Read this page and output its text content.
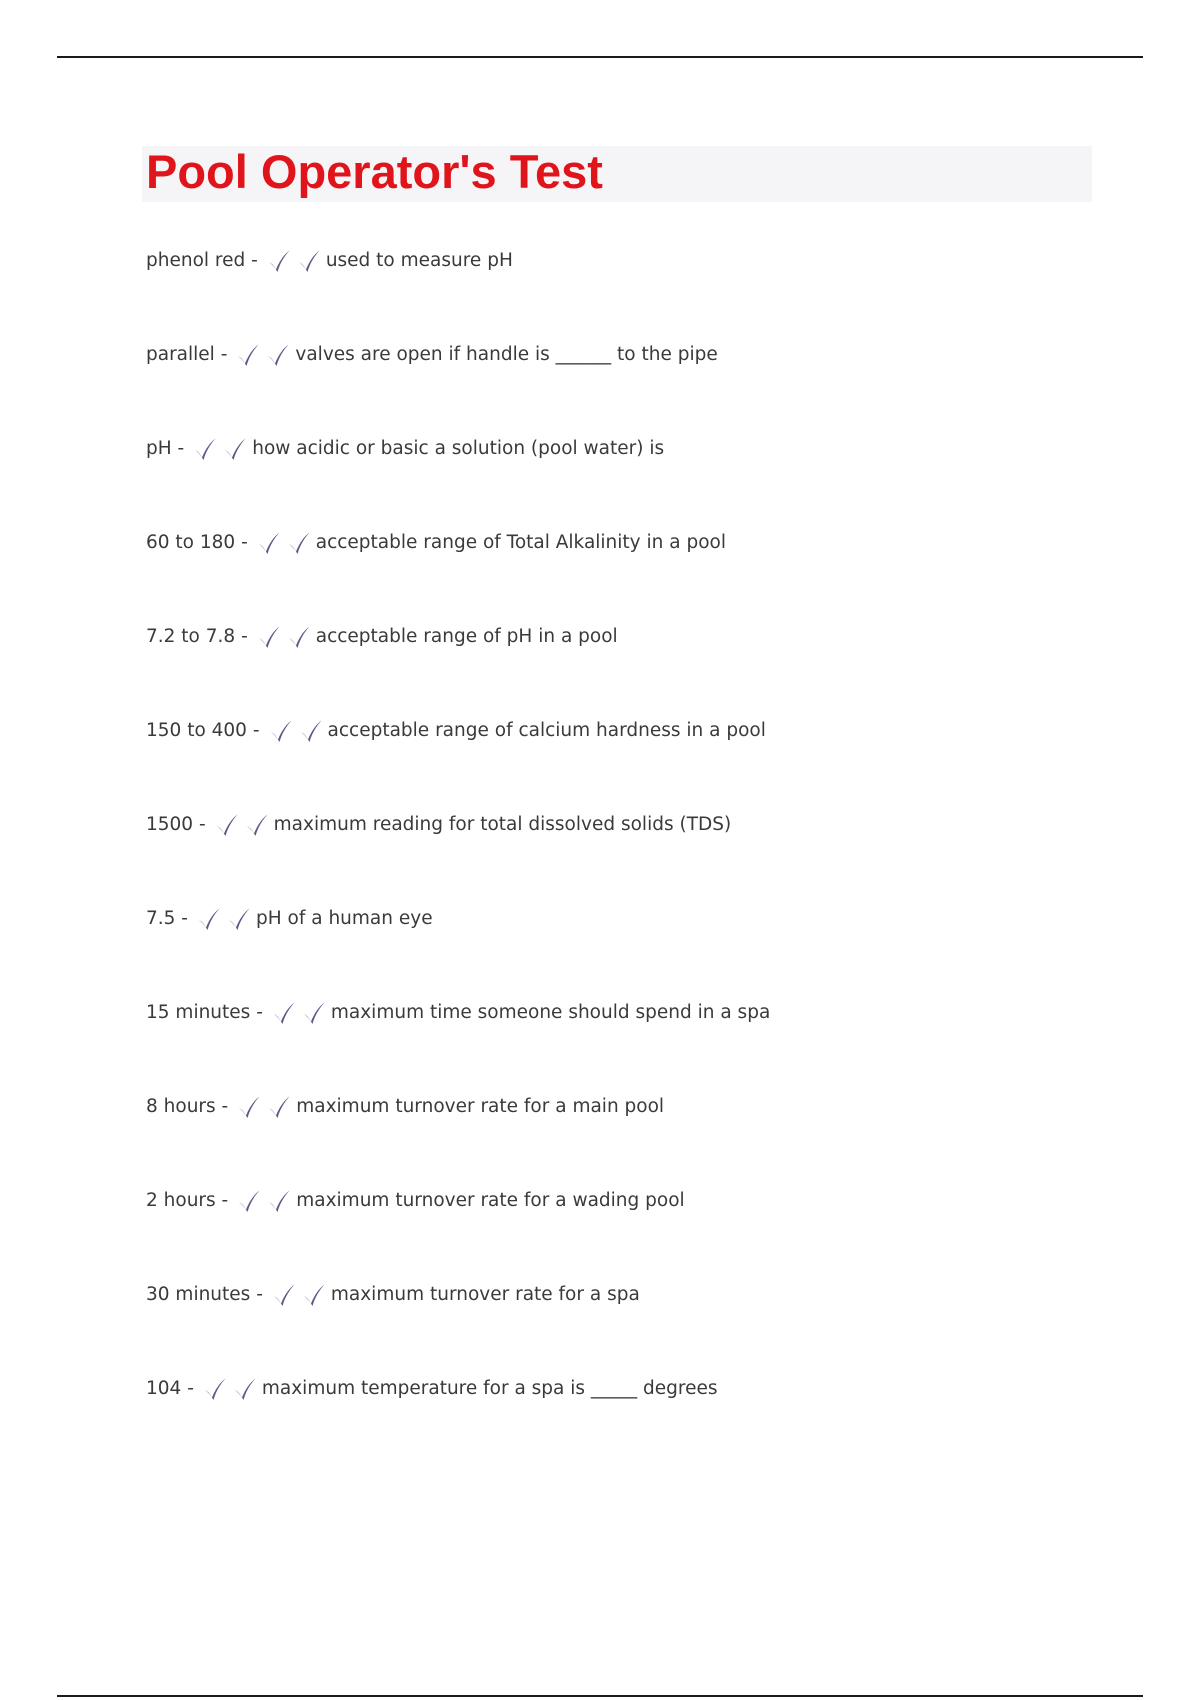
Pool Operator's Test
phenol red -	used to measure pH
parallel -	valves are open if handle is ______ to the pipe
pH -	how acidic or basic a solution (pool water) is
60 to 180 -	acceptable range of Total Alkalinity in a pool
7.2 to 7.8 -	acceptable range of pH in a pool
150 to 400 -	acceptable range of calcium hardness in a pool
1500 -	maximum reading for total dissolved solids (TDS)
7.5 -	pH of a human eye
15 minutes -	maximum time someone should spend in a spa
8 hours -	maximum turnover rate for a main pool
2 hours -	maximum turnover rate for a wading pool
30 minutes -	maximum turnover rate for a spa
104 -	maximum temperature for a spa is _____ degrees
